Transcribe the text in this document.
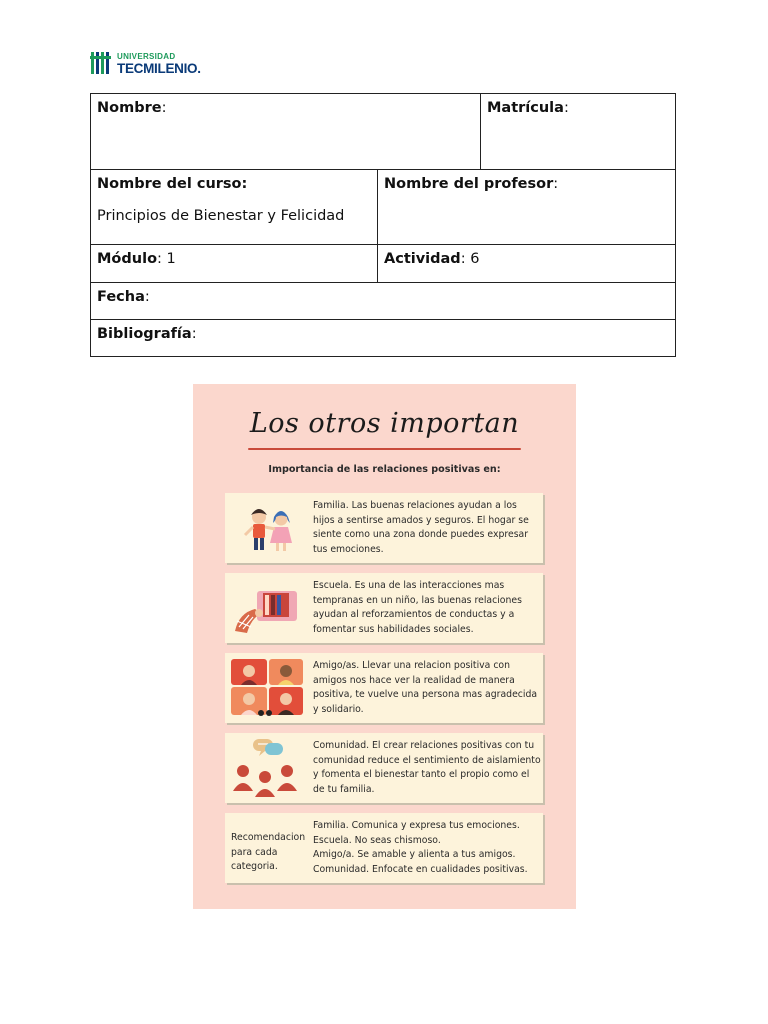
UNIVERSIDAD
TECMILENIO.
Nombre:		Matrícula:
Nombre del curso:
Principios de Bienestar y Felicidad	Nombre del profesor:	
Módulo: 1	Actividad: 6	
Fecha:		
Bibliografía:		
Los otros importan
Importancia de las relaciones positivas en:
Familia. Las buenas relaciones ayudan a los hijos a sentirse amados y seguros. El hogar se siente como una zona donde puedes expresar tus emociones.
Escuela. Es una de las interacciones mas tempranas en un niño, las buenas relaciones ayudan al reforzamientos de conductas y a fomentar sus habilidades sociales.
Amigo/as. Llevar una relacion positiva con amigos nos hace ver la realidad de manera positiva, te vuelve una persona mas agradecida y solidario.
Comunidad. El crear relaciones positivas con tu comunidad reduce el sentimiento de aislamiento y fomenta el bienestar tanto el propio como el de tu familia.
Recomendacion para cada categoria.
Familia. Comunica y expresa tus emociones.
Escuela. No seas chismoso.
Amigo/a. Se amable y alienta a tus amigos.
Comunidad. Enfocate en cualidades positivas.
